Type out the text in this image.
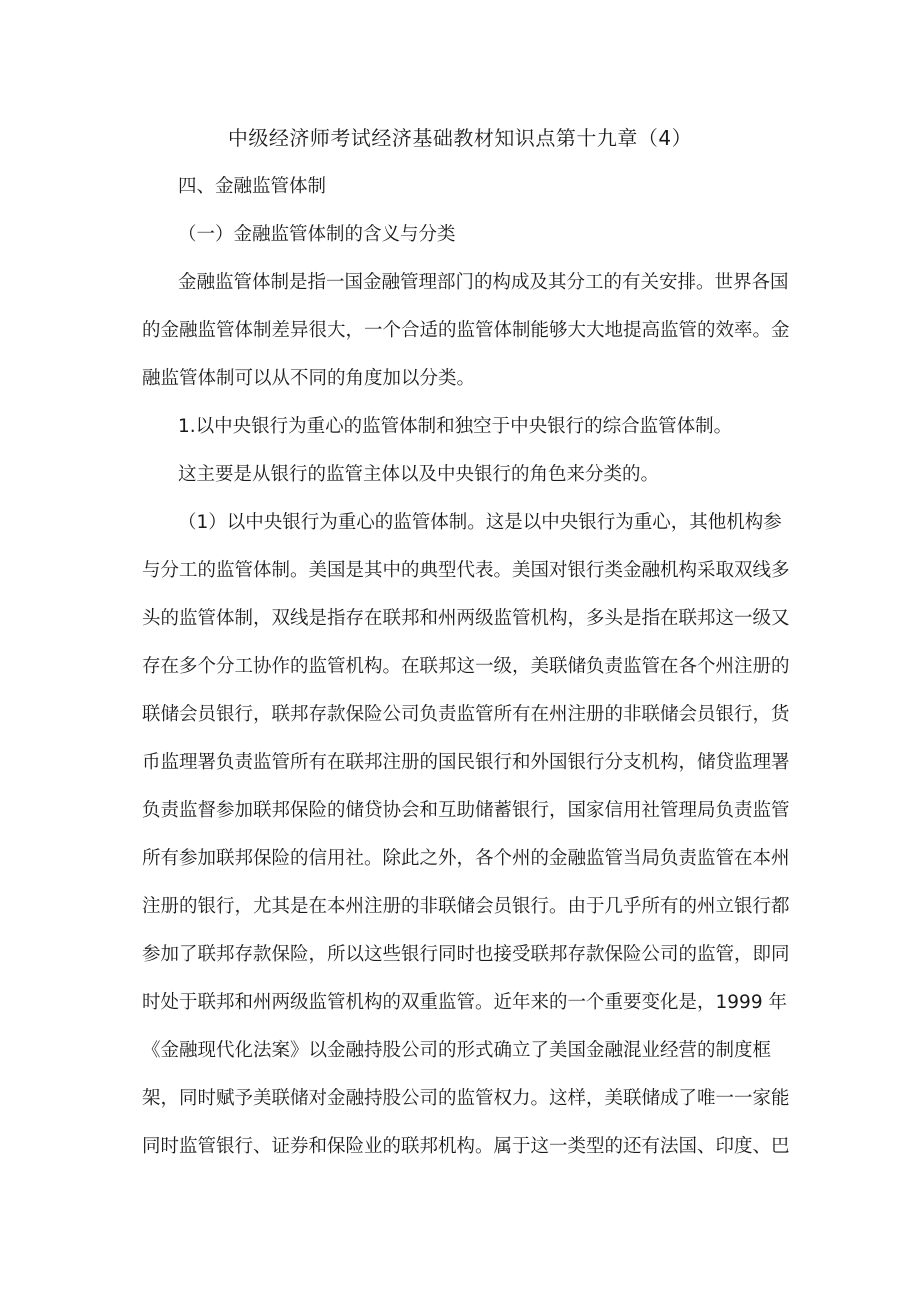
中级经济师考试经济基础教材知识点第十九章（4）
四、金融监管体制
（一）金融监管体制的含义与分类
金融监管体制是指一国金融管理部门的构成及其分工的有关安排。世界各国
的金融监管体制差异很大，一个合适的监管体制能够大大地提高监管的效率。金
融监管体制可以从不同的角度加以分类。
1.以中央银行为重心的监管体制和独空于中央银行的综合监管体制。
这主要是从银行的监管主体以及中央银行的角色来分类的。
（1）以中央银行为重心的监管体制。这是以中央银行为重心，其他机构参
与分工的监管体制。美国是其中的典型代表。美国对银行类金融机构采取双线多
头的监管体制，双线是指存在联邦和州两级监管机构，多头是指在联邦这一级又
存在多个分工协作的监管机构。在联邦这一级，美联储负责监管在各个州注册的
联储会员银行，联邦存款保险公司负责监管所有在州注册的非联储会员银行，货
币监理署负责监管所有在联邦注册的国民银行和外国银行分支机构，储贷监理署
负责监督参加联邦保险的储贷协会和互助储蓄银行，国家信用社管理局负责监管
所有参加联邦保险的信用社。除此之外，各个州的金融监管当局负责监管在本州
注册的银行，尤其是在本州注册的非联储会员银行。由于几乎所有的州立银行都
参加了联邦存款保险，所以这些银行同时也接受联邦存款保险公司的监管，即同
时处于联邦和州两级监管机构的双重监管。近年来的一个重要变化是，1999 年
《金融现代化法案》以金融持股公司的形式确立了美国金融混业经营的制度框
架，同时赋予美联储对金融持股公司的监管权力。这样，美联储成了唯一一家能
同时监管银行、证券和保险业的联邦机构。属于这一类型的还有法国、印度、巴
